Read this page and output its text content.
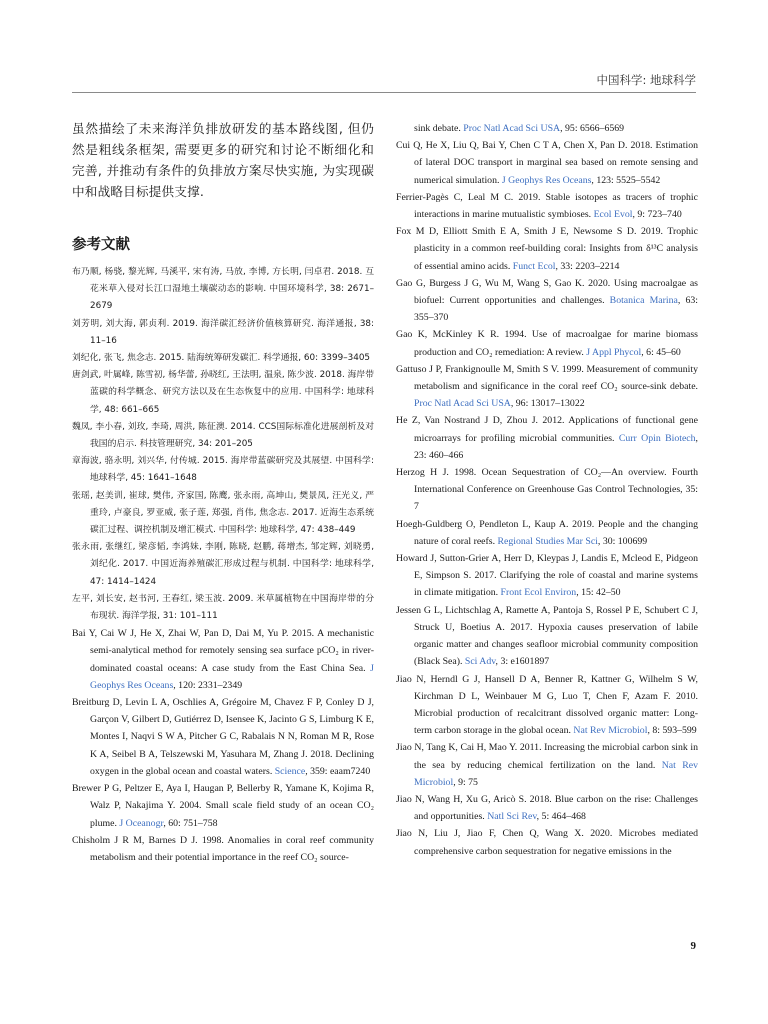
中国科学: 地球科学

虽然描绘了未来海洋负排放研发的基本路线图, 但仍然是粗线条框架, 需要更多的研究和讨论不断细化和完善, 并推动有条件的负排放方案尽快实施, 为实现碳中和战略目标提供支撑.

参考文献

布乃顺, 杨骁, 黎光辉, 马溪平, 宋有涛, 马放, 李博, 方长明, 闫卓君. 2018. 互花米草入侵对长江口湿地土壤碳动态的影响. 中国环境科学, 38: 2671–2679

刘芳明, 刘大海, 郭贞利. 2019. 海洋碳汇经济价值核算研究. 海洋通报, 38: 11–16

刘纪化, 张飞, 焦念志. 2015. 陆海统筹研发碳汇. 科学通报, 60: 3399–3405

唐剑武, 叶属峰, 陈雪初, 杨华蕾, 孙晓红, 王法明, 温泉, 陈少波. 2018. 海岸带蓝碳的科学概念、研究方法以及在生态恢复中的应用. 中国科学: 地球科学, 48: 661–665

魏凤, 李小春, 刘玫, 李琦, 周洪, 陈征澳. 2014. CCS国际标准化进展剖析及对我国的启示. 科技管理研究, 34: 201–205

章海波, 骆永明, 刘兴华, 付传城. 2015. 海岸带蓝碳研究及其展望. 中国科学: 地球科学, 45: 1641–1648

张瑶, 赵美训, 崔球, 樊伟, 齐家国, 陈鹰, 张永雨, 高坤山, 樊景凤, 汪光义, 严重玲, 卢豪良, 罗亚威, 张子莲, 郑强, 肖伟, 焦念志. 2017. 近海生态系统碳汇过程、调控机制及增汇模式. 中国科学: 地球科学, 47: 438–449

张永雨, 张继红, 梁彦韬, 李鸿妹, 李刚, 陈晓, 赵鹏, 蒋增杰, 邹定辉, 刘晓勇, 刘纪化. 2017. 中国近海养殖碳汇形成过程与机制. 中国科学: 地球科学, 47: 1414–1424

左平, 刘长安, 赵书河, 王春红, 梁玉波. 2009. 米草属植物在中国海岸带的分布现状. 海洋学报, 31: 101–111

Bai Y, Cai W J, He X, Zhai W, Pan D, Dai M, Yu P. 2015. A mechanistic semi-analytical method for remotely sensing sea surface pCO₂ in river-dominated coastal oceans: A case study from the East China Sea. J Geophys Res Oceans, 120: 2331–2349

Breitburg D, Levin L A, Oschlies A, Grégoire M, Chavez F P, Conley D J, Garçon V, Gilbert D, Gutiérrez D, Isensee K, Jacinto G S, Limburg K E, Montes I, Naqvi S W A, Pitcher G C, Rabalais N N, Roman M R, Rose K A, Seibel B A, Telszewski M, Yasuhara M, Zhang J. 2018. Declining oxygen in the global ocean and coastal waters. Science, 359: eaam7240

Brewer P G, Peltzer E, Aya I, Haugan P, Bellerby R, Yamane K, Kojima R, Walz P, Nakajima Y. 2004. Small scale field study of an ocean CO₂ plume. J Oceanogr, 60: 751–758

Chisholm J R M, Barnes D J. 1998. Anomalies in coral reef community metabolism and their potential importance in the reef CO₂ source-

sink debate. Proc Natl Acad Sci USA, 95: 6566–6569

Cui Q, He X, Liu Q, Bai Y, Chen C T A, Chen X, Pan D. 2018. Estimation of lateral DOC transport in marginal sea based on remote sensing and numerical simulation. J Geophys Res Oceans, 123: 5525–5542

Ferrier-Pagès C, Leal M C. 2019. Stable isotopes as tracers of trophic interactions in marine mutualistic symbioses. Ecol Evol, 9: 723–740

Fox M D, Elliott Smith E A, Smith J E, Newsome S D. 2019. Trophic plasticity in a common reef-building coral: Insights from δ¹³C analysis of essential amino acids. Funct Ecol, 33: 2203–2214

Gao G, Burgess J G, Wu M, Wang S, Gao K. 2020. Using macroalgae as biofuel: Current opportunities and challenges. Botanica Marina, 63: 355–370

Gao K, McKinley K R. 1994. Use of macroalgae for marine biomass production and CO₂ remediation: A review. J Appl Phycol, 6: 45–60

Gattuso J P, Frankignoulle M, Smith S V. 1999. Measurement of community metabolism and significance in the coral reef CO₂ source-sink debate. Proc Natl Acad Sci USA, 96: 13017–13022

He Z, Van Nostrand J D, Zhou J. 2012. Applications of functional gene microarrays for profiling microbial communities. Curr Opin Biotech, 23: 460–466

Herzog H J. 1998. Ocean Sequestration of CO₂—An overview. Fourth International Conference on Greenhouse Gas Control Technologies, 35: 7

Hoegh-Guldberg O, Pendleton L, Kaup A. 2019. People and the changing nature of coral reefs. Regional Studies Mar Sci, 30: 100699

Howard J, Sutton-Grier A, Herr D, Kleypas J, Landis E, Mcleod E, Pidgeon E, Simpson S. 2017. Clarifying the role of coastal and marine systems in climate mitigation. Front Ecol Environ, 15: 42–50

Jessen G L, Lichtschlag A, Ramette A, Pantoja S, Rossel P E, Schubert C J, Struck U, Boetius A. 2017. Hypoxia causes preservation of labile organic matter and changes seafloor microbial community composition (Black Sea). Sci Adv, 3: e1601897

Jiao N, Herndl G J, Hansell D A, Benner R, Kattner G, Wilhelm S W, Kirchman D L, Weinbauer M G, Luo T, Chen F, Azam F. 2010. Microbial production of recalcitrant dissolved organic matter: Long-term carbon storage in the global ocean. Nat Rev Microbiol, 8: 593–599

Jiao N, Tang K, Cai H, Mao Y. 2011. Increasing the microbial carbon sink in the sea by reducing chemical fertilization on the land. Nat Rev Microbiol, 9: 75

Jiao N, Wang H, Xu G, Aricò S. 2018. Blue carbon on the rise: Challenges and opportunities. Natl Sci Rev, 5: 464–468

Jiao N, Liu J, Jiao F, Chen Q, Wang X. 2020. Microbes mediated comprehensive carbon sequestration for negative emissions in the

9
